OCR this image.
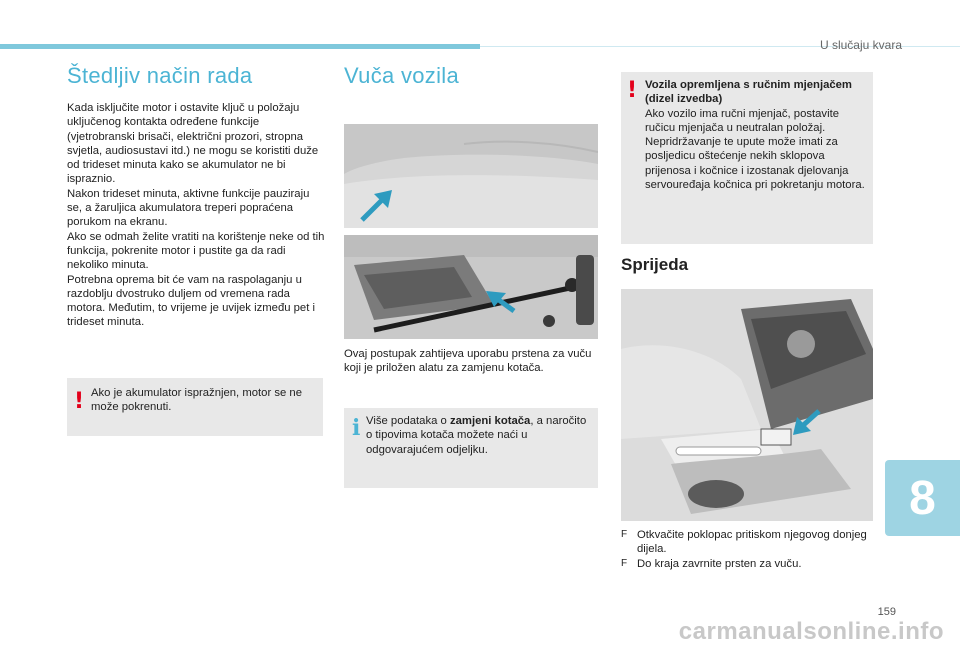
U slučaju kvara
Štedljiv način rada

Kada isključite motor i ostavite ključ u položaju uključenog kontakta određene funkcije (vjetrobranski brisači, električni prozori, stropna svjetla, audiosustavi itd.) ne mogu se koristiti duže od trideset minuta kako se akumulator ne bi ispraznio.

Nakon trideset minuta, aktivne funkcije pauziraju se, a žaruljica akumulatora treperi popraćena porukom na ekranu.

Ako se odmah želite vratiti na korištenje neke od tih funkcija, pokrenite motor i pustite ga da radi nekoliko minuta.

Potrebna oprema bit će vam na raspolaganju u razdoblju dvostruko duljem od vremena rada motora. Međutim, to vrijeme je uvijek između pet i trideset minuta.

! Ako je akumulator ispražnjen, motor se ne može pokrenuti.
Vuča vozila
Ovaj postupak zahtijeva uporabu prstena za vuču koji je priložen alatu za zamjenu kotača.
i Više podataka o zamjeni kotača, a naročito o tipovima kotača možete naći u odgovarajućem odjeljku.
! Vozila opremljena s ručnim mjenjačem (dizel izvedba)
Ako vozilo ima ručni mjenjač, postavite ručicu mjenjača u neutralan položaj. Nepridržavanje te upute može imati za posljedicu oštećenje nekih sklopova prijenosa i kočnice i izostanak djelovanja servouređaja kočnica pri pokretanju motora.
Sprijeda
F Otkvačite poklopac pritiskom njegovog donjeg dijela.
F Do kraja zavrnite prsten za vuču.
8
159
carmanualsonline.info
